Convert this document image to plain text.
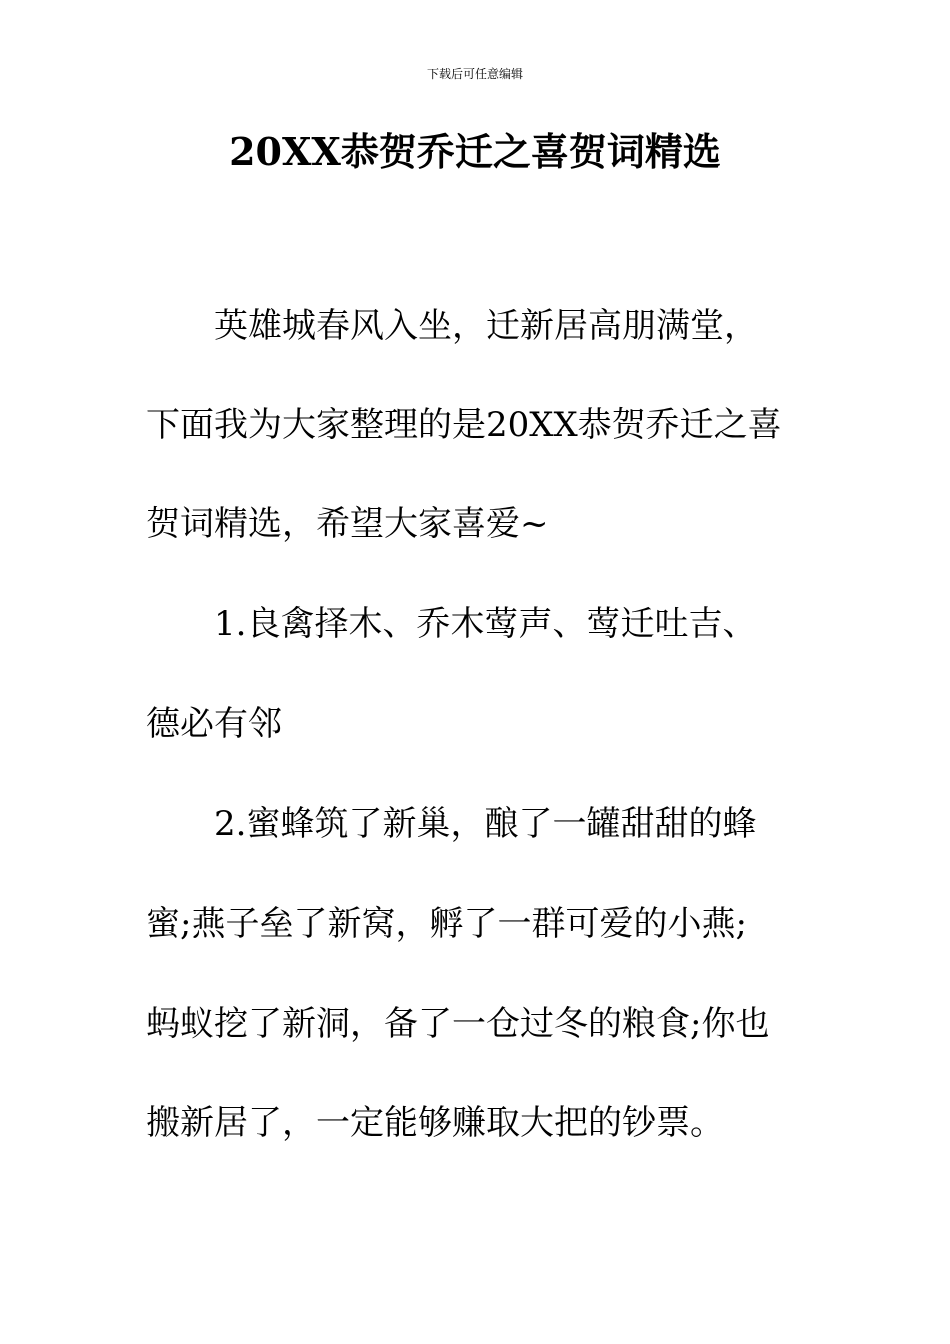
下载后可任意编辑
20XX恭贺乔迁之喜贺词精选
英雄城春风入坐，迁新居高朋满堂，
下面我为大家整理的是20XX恭贺乔迁之喜
贺词精选，希望大家喜爱~
1.良禽择木、乔木莺声、莺迁吐吉、
德必有邻
2.蜜蜂筑了新巢，酿了一罐甜甜的蜂
蜜;燕子垒了新窝，孵了一群可爱的小燕;
蚂蚁挖了新洞，备了一仓过冬的粮食;你也
搬新居了，一定能够赚取大把的钞票。
